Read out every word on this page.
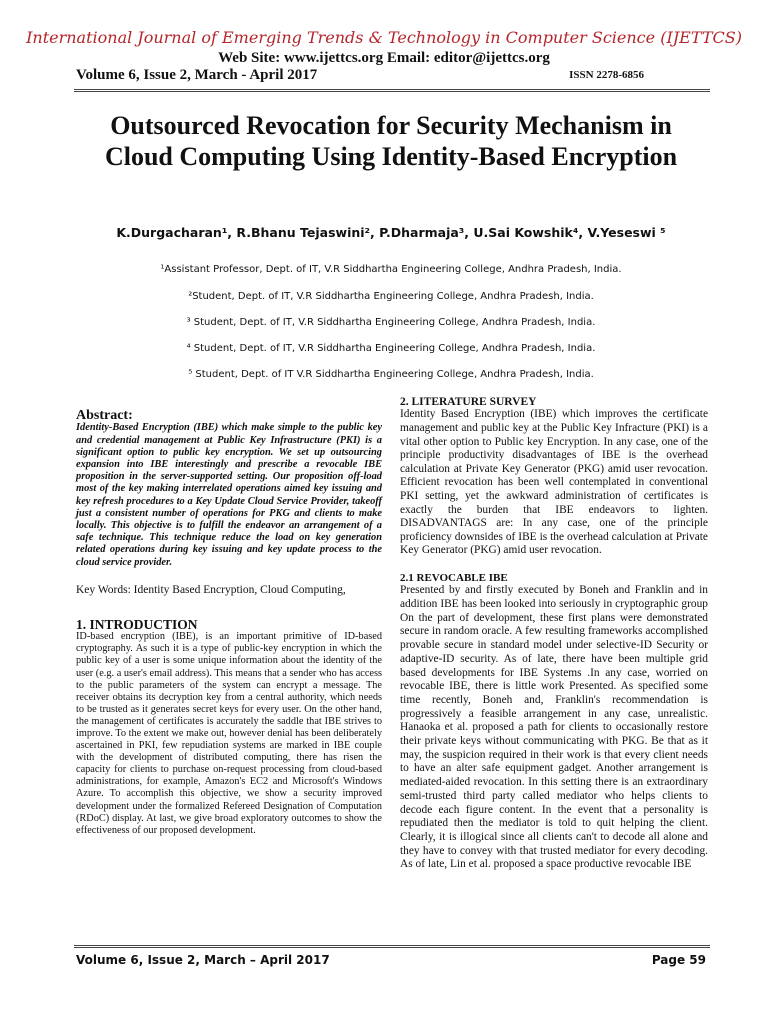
International Journal of Emerging Trends & Technology in Computer Science (IJETTCS)
Web Site: www.ijettcs.org Email: editor@ijettcs.org
Volume 6, Issue 2, March - April 2017	ISSN 2278-6856
Outsourced Revocation for Security Mechanism in Cloud Computing Using Identity-Based Encryption
K.Durgacharan¹, R.Bhanu Tejaswini², P.Dharmaja³, U.Sai Kowshik⁴, V.Yeseswi ⁵
¹Assistant Professor, Dept. of IT, V.R Siddhartha Engineering College, Andhra Pradesh, India.
²Student, Dept. of IT, V.R Siddhartha Engineering College, Andhra Pradesh, India.
³ Student, Dept. of IT, V.R Siddhartha Engineering College, Andhra Pradesh, India.
⁴ Student, Dept. of IT, V.R Siddhartha Engineering College, Andhra Pradesh, India.
⁵ Student, Dept. of IT V.R Siddhartha Engineering College, Andhra Pradesh, India.
Abstract:
Identity-Based Encryption (IBE) which make simple to the public key and credential management at Public Key Infrastructure (PKI) is a significant option to public key encryption. We set up outsourcing expansion into IBE interestingly and prescribe a revocable IBE proposition in the server-supported setting. Our proposition off-load most of the key making interrelated operations aimed key issuing and key refresh procedures to a Key Update Cloud Service Provider, takeoff just a consistent number of operations for PKG and clients to make locally. This objective is to fulfill the endeavor an arrangement of a safe technique. This technique reduce the load on key generation related operations during key issuing and key update process to the cloud service provider.
Key Words: Identity Based Encryption, Cloud Computing,
1. INTRODUCTION
ID-based encryption (IBE), is an important primitive of ID-based cryptography. As such it is a type of public-key encryption in which the public key of a user is some unique information about the identity of the user (e.g. a user's email address). This means that a sender who has access to the public parameters of the system can encrypt a message. The receiver obtains its decryption key from a central authority, which needs to be trusted as it generates secret keys for every user. On the other hand, the management of certificates is accurately the saddle that IBE strives to improve. To the extent we make out, however denial has been deliberately ascertained in PKI, few repudiation systems are marked in IBE couple with the development of distributed computing, there has risen the capacity for clients to purchase on-request processing from cloud-based administrations, for example, Amazon's EC2 and Microsoft's Windows Azure. To accomplish this objective, we show a security improved development under the formalized Refereed Designation of Computation (RDoC) display. At last, we give broad exploratory outcomes to show the effectiveness of our proposed development.
2. LITERATURE SURVEY
Identity Based Encryption (IBE) which improves the certificate management and public key at the Public Key Infracture (PKI) is a vital other option to Public key Encryption. In any case, one of the principle productivity disadvantages of IBE is the overhead calculation at Private Key Generator (PKG) amid user revocation. Efficient revocation has been well contemplated in conventional PKI setting, yet the awkward administration of certificates is exactly the burden that IBE endeavors to lighten. DISADVANTAGS are: In any case, one of the principle proficiency downsides of IBE is the overhead calculation at Private Key Generator (PKG) amid user revocation.
2.1 REVOCABLE IBE
Presented by and firstly executed by Boneh and Franklin and in addition IBE has been looked into seriously in cryptographic group On the part of development, these first plans were demonstrated secure in random oracle. A few resulting frameworks accomplished provable secure in standard model under selective-ID Security or adaptive-ID security. As of late, there have been multiple grid based developments for IBE Systems .In any case, worried on revocable IBE, there is little work Presented. As specified some time recently, Boneh and, Franklin's recommendation is progressively a feasible arrangement in any case, unrealistic. Hanaoka et al. proposed a path for clients to occasionally restore their private keys without communicating with PKG. Be that as it may, the suspicion required in their work is that every client needs to have an alter safe equipment gadget. Another arrangement is mediated-aided revocation. In this setting there is an extraordinary semi-trusted third party called mediator who helps clients to decode each figure content. In the event that a personality is repudiated then the mediator is told to quit helping the client. Clearly, it is illogical since all clients can't to decode all alone and they have to convey with that trusted mediator for every decoding. As of late, Lin et al. proposed a space productive revocable IBE
Volume 6, Issue 2, March – April 2017	Page 59
